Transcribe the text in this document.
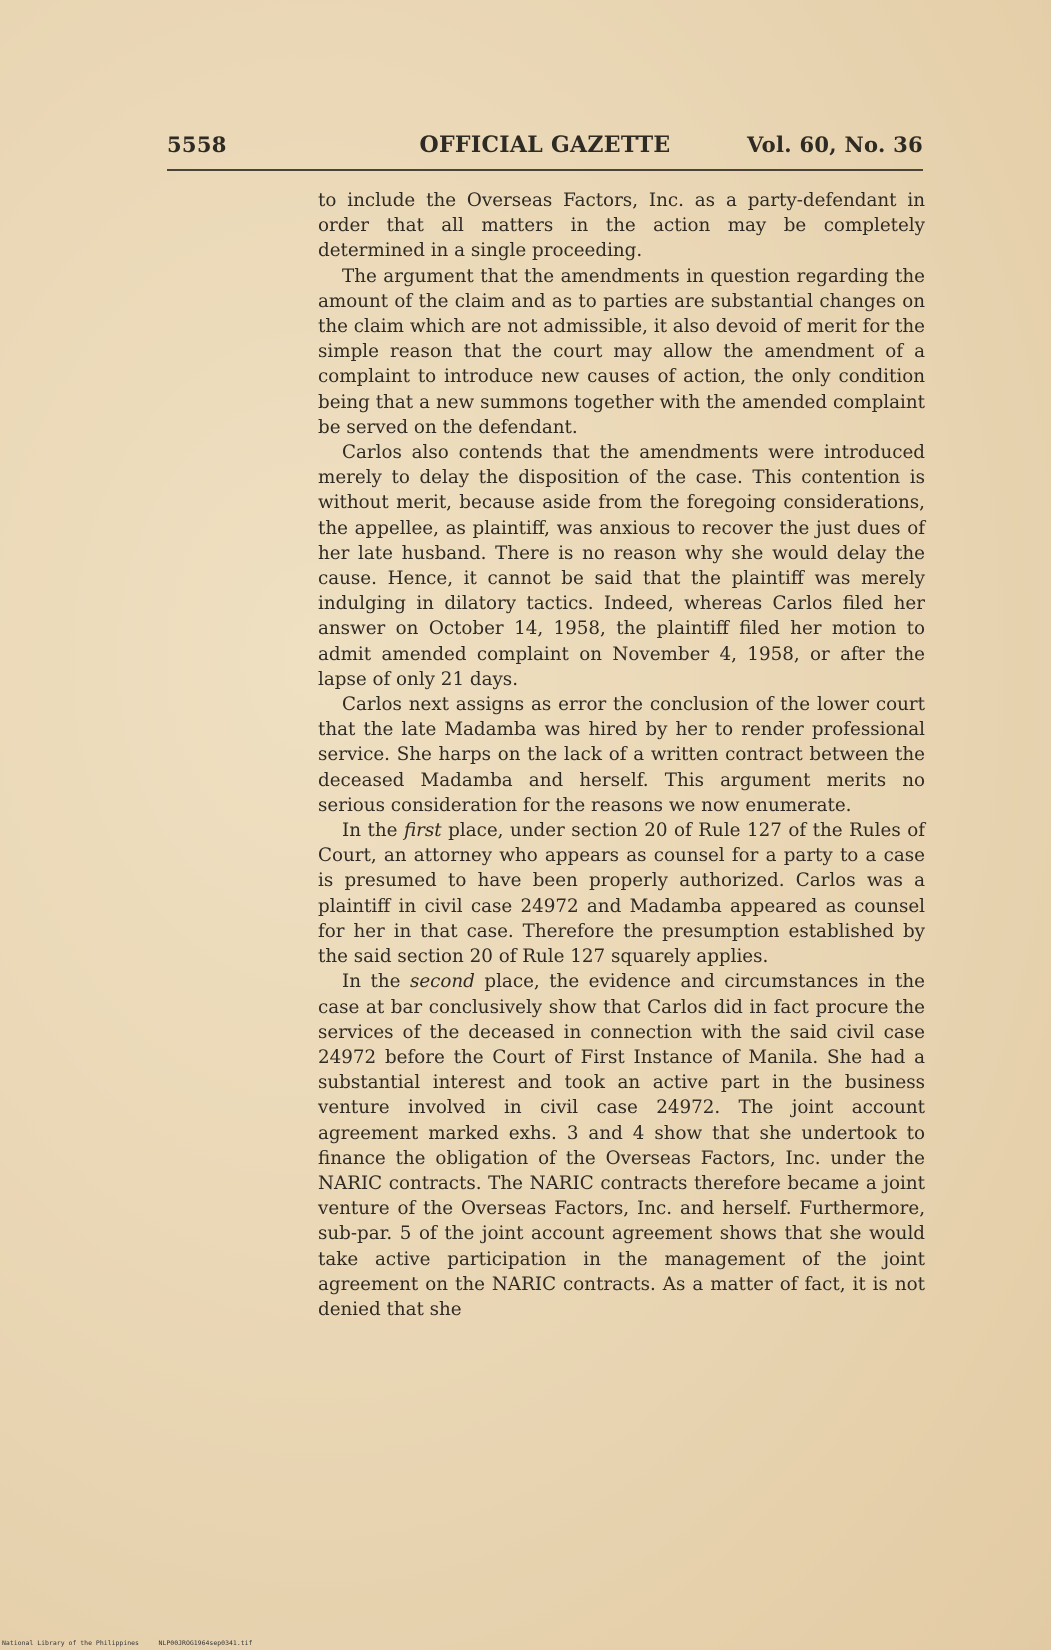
5558	OFFICIAL GAZETTE	Vol. 60, No. 36

to include the Overseas Factors, Inc. as a party-defendant in order that all matters in the action may be completely determined in a single proceeding.

The argument that the amendments in question regarding the amount of the claim and as to parties are substantial changes on the claim which are not admissible, it also devoid of merit for the simple reason that the court may allow the amendment of a complaint to introduce new causes of action, the only condition being that a new summons together with the amended complaint be served on the defendant.

Carlos also contends that the amendments were introduced merely to delay the disposition of the case. This contention is without merit, because aside from the foregoing considerations, the appellee, as plaintiff, was anxious to recover the just dues of her late husband. There is no reason why she would delay the cause. Hence, it cannot be said that the plaintiff was merely indulging in dilatory tactics. Indeed, whereas Carlos filed her answer on October 14, 1958, the plaintiff filed her motion to admit amended complaint on November 4, 1958, or after the lapse of only 21 days.

Carlos next assigns as error the conclusion of the lower court that the late Madamba was hired by her to render professional service. She harps on the lack of a written contract between the deceased Madamba and herself. This argument merits no serious consideration for the reasons we now enumerate.

In the first place, under section 20 of Rule 127 of the Rules of Court, an attorney who appears as counsel for a party to a case is presumed to have been properly authorized. Carlos was a plaintiff in civil case 24972 and Madamba appeared as counsel for her in that case. Therefore the presumption established by the said section 20 of Rule 127 squarely applies.

In the second place, the evidence and circumstances in the case at bar conclusively show that Carlos did in fact procure the services of the deceased in connection with the said civil case 24972 before the Court of First Instance of Manila. She had a substantial interest and took an active part in the business venture involved in civil case 24972. The joint account agreement marked exhs. 3 and 4 show that she undertook to finance the obligation of the Overseas Factors, Inc. under the NARIC contracts. The NARIC contracts therefore became a joint venture of the Overseas Factors, Inc. and herself. Furthermore, sub-par. 5 of the joint account agreement shows that she would take active participation in the management of the joint agreement on the NARIC contracts. As a matter of fact, it is not denied that she

National Library of the Philippines	NLP00JROG1964sep0341.tif
